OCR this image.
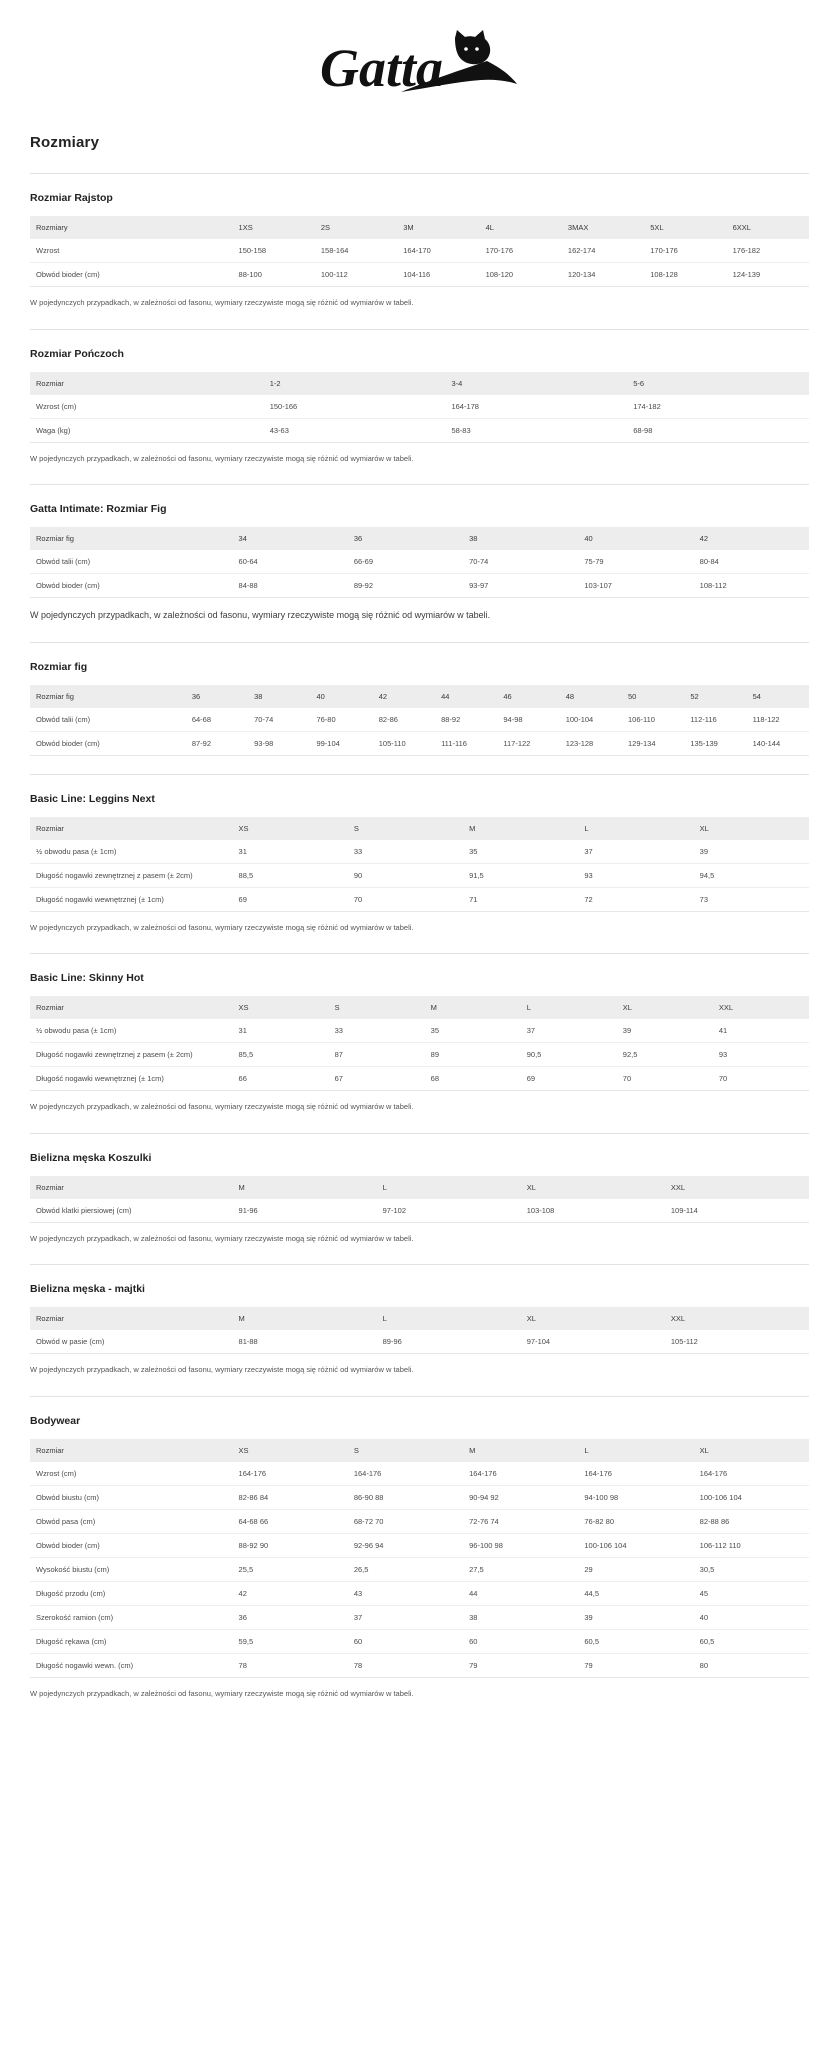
Gatta
Rozmiary
Rozmiar Rajstop
Rozmiary	1XS	2S	3M	4L	3MAX	5XL	6XXL
Wzrost	150-158	158-164	164-170	170-176	162-174	170-176	176-182
Obwód bioder (cm)	88-100	100-112	104-116	108-120	120-134	108-128	124-139

W pojedynczych przypadkach, w zależności od fasonu, wymiary rzeczywiste mogą się różnić od wymiarów w tabeli.

Rozmiar Pończoch
Rozmiar	1-2	3-4	5-6
Wzrost (cm)	150-166	164-178	174-182
Waga (kg)	43-63	58-83	68-98

W pojedynczych przypadkach, w zależności od fasonu, wymiary rzeczywiste mogą się różnić od wymiarów w tabeli.

Gatta Intimate: Rozmiar Fig
Rozmiar fig	34	36	38	40	42
Obwód talii (cm)	60-64	66-69	70-74	75-79	80-84
Obwód bioder (cm)	84-88	89-92	93-97	103-107	108-112

W pojedynczych przypadkach, w zależności od fasonu, wymiary rzeczywiste mogą się różnić od wymiarów w tabeli.

Rozmiar fig
Rozmiar fig	36	38	40	42	44	46	48	50	52	54
Obwód talii (cm)	64-68	70-74	76-80	82-86	88-92	94-98	100-104	106-110	112-116	118-122
Obwód bioder (cm)	87-92	93-98	99-104	105-110	111-116	117-122	123-128	129-134	135-139	140-144
Basic Line: Leggins Next
Rozmiar	XS	S	M	L	XL
½ obwodu pasa (± 1cm)	31	33	35	37	39
Długość nogawki zewnętrznej z pasem (± 2cm)	88,5	90	91,5	93	94,5
Długość nogawki wewnętrznej (± 1cm)	69	70	71	72	73

W pojedynczych przypadkach, w zależności od fasonu, wymiary rzeczywiste mogą się różnić od wymiarów w tabeli.

Basic Line: Skinny Hot
Rozmiar	XS	S	M	L	XL	XXL
½ obwodu pasa (± 1cm)	31	33	35	37	39	41
Długość nogawki zewnętrznej z pasem (± 2cm)	85,5	87	89	90,5	92,5	93
Długość nogawki wewnętrznej (± 1cm)	66	67	68	69	70	70

W pojedynczych przypadkach, w zależności od fasonu, wymiary rzeczywiste mogą się różnić od wymiarów w tabeli.

Bielizna męska Koszulki
Rozmiar	M	L	XL	XXL
Obwód klatki piersiowej (cm)	91-96	97-102	103-108	109-114

W pojedynczych przypadkach, w zależności od fasonu, wymiary rzeczywiste mogą się różnić od wymiarów w tabeli.

Bielizna męska - majtki
Rozmiar	M	L	XL	XXL
Obwód w pasie (cm)	81-88	89-96	97-104	105-112

W pojedynczych przypadkach, w zależności od fasonu, wymiary rzeczywiste mogą się różnić od wymiarów w tabeli.

Bodywear
Rozmiar	XS	S	M	L	XL
Wzrost (cm)	164-176	164-176	164-176	164-176	164-176
Obwód biustu (cm)	82-86 84	86-90 88	90-94 92	94-100 98	100-106 104
Obwód pasa (cm)	64-68 66	68-72 70	72-76 74	76-82 80	82-88 86
Obwód bioder (cm)	88-92 90	92-96 94	96-100 98	100-106 104	106-112 110
Wysokość biustu (cm)	25,5	26,5	27,5	29	30,5
Długość przodu (cm)	42	43	44	44,5	45
Szerokość ramion (cm)	36	37	38	39	40
Długość rękawa (cm)	59,5	60	60	60,5	60,5
Długość nogawki wewn. (cm)	78	78	79	79	80

W pojedynczych przypadkach, w zależności od fasonu, wymiary rzeczywiste mogą się różnić od wymiarów w tabeli.
